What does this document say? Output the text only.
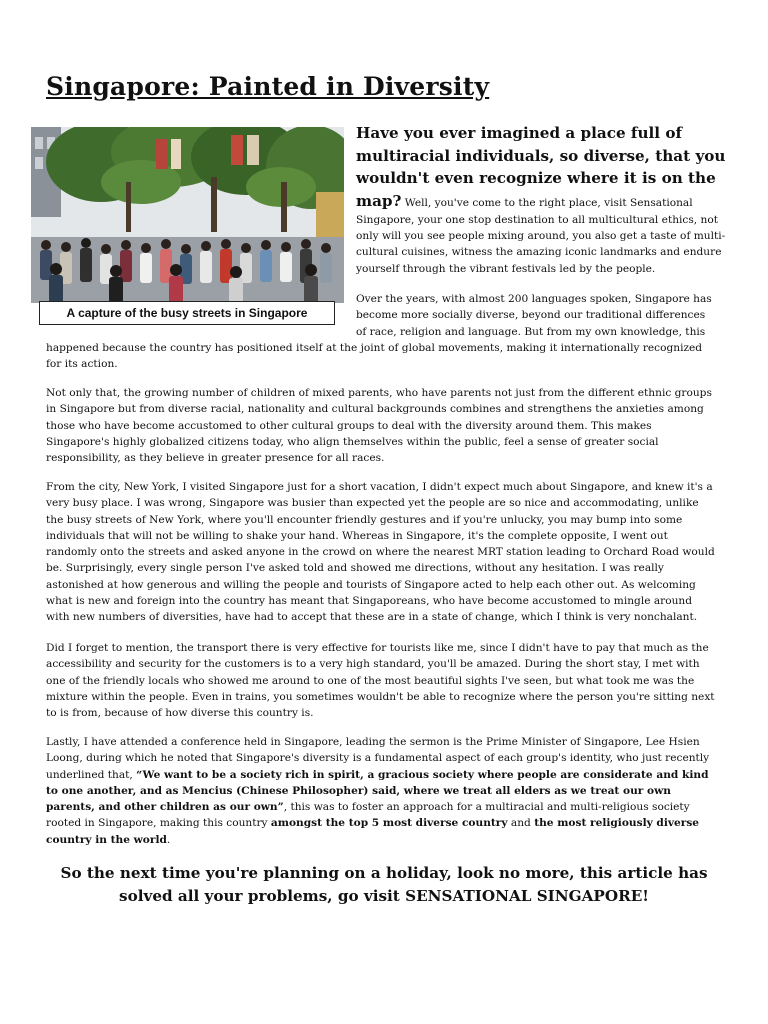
Singapore: Painted in Diversity
A capture of the busy streets in Singapore
Have you ever imagined a place full of multiracial individuals, so diverse, that you wouldn't even recognize where it is on the map? Well, you've come to the right place, visit Sensational Singapore, your one stop destination to all multicultural ethics, not only will you see people mixing around, you also get a taste of multi-cultural cuisines, witness the amazing iconic landmarks and endure yourself through the vibrant festivals led by the people.

Over the years, with almost 200 languages spoken, Singapore has become more socially diverse, beyond our traditional differences of race, religion and language. But from my own knowledge, this happened because the country has positioned itself at the joint of global movements, making it internationally recognized for its action.

Not only that, the growing number of children of mixed parents, who have parents not just from the different ethnic groups in Singapore but from diverse racial, nationality and cultural backgrounds combines and strengthens the anxieties among those who have become accustomed to other cultural groups to deal with the diversity around them. This makes Singapore's highly globalized citizens today, who align themselves within the public, feel a sense of greater social responsibility, as they believe in greater presence for all races.

From the city, New York, I visited Singapore just for a short vacation, I didn't expect much about Singapore, and knew it's a very busy place. I was wrong, Singapore was busier than expected yet the people are so nice and accommodating, unlike the busy streets of New York, where you'll encounter friendly gestures and if you're unlucky, you may bump into some individuals that will not be willing to shake your hand. Whereas in Singapore, it's the complete opposite, I went out randomly onto the streets and asked anyone in the crowd on where the nearest MRT station leading to Orchard Road would be. Surprisingly, every single person I've asked told and showed me directions, without any hesitation. I was really astonished at how generous and willing the people and tourists of Singapore acted to help each other out. As welcoming what is new and foreign into the country has meant that Singaporeans, who have become accustomed to mingle around with new numbers of diversities, have had to accept that these are in a state of change, which I think is very nonchalant.

Did I forget to mention, the transport there is very effective for tourists like me, since I didn't have to pay that much as the accessibility and security for the customers is to a very high standard, you'll be amazed. During the short stay, I met with one of the friendly locals who showed me around to one of the most beautiful sights I've seen, but what took me was the mixture within the people. Even in trains, you sometimes wouldn't be able to recognize where the person you're sitting next to is from, because of how diverse this country is.

Lastly, I have attended a conference held in Singapore, leading the sermon is the Prime Minister of Singapore, Lee Hsien Loong, during which he noted that Singapore's diversity is a fundamental aspect of each group's identity, who just recently underlined that, “We want to be a society rich in spirit, a gracious society where people are considerate and kind to one another, and as Mencius (Chinese Philosopher) said, where we treat all elders as we treat our own parents, and other children as our own”, this was to foster an approach for a multiracial and multi-religious society rooted in Singapore, making this country amongst the top 5 most diverse country and the most religiously diverse country in the world.

So the next time you're planning on a holiday, look no more, this article has solved all your problems, go visit SENSATIONAL SINGAPORE!
